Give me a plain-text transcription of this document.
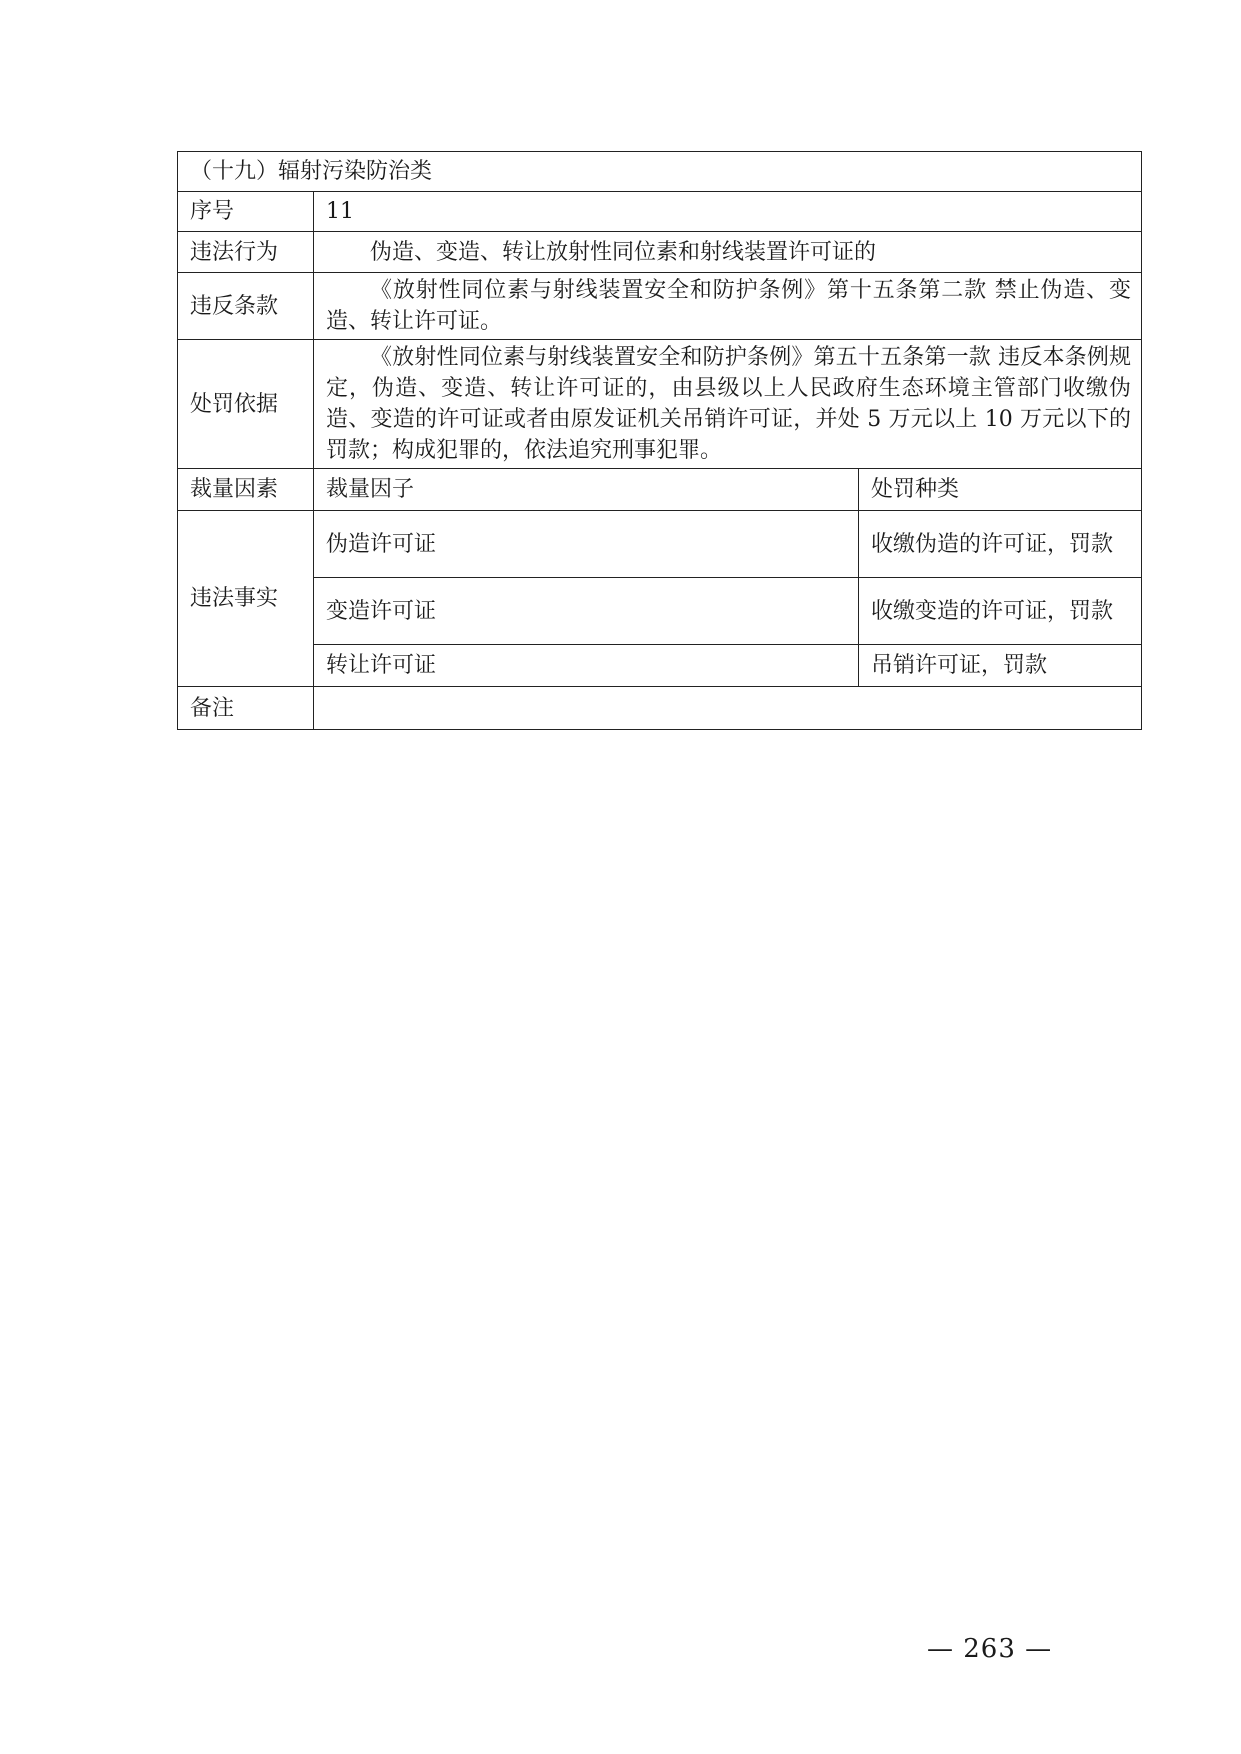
（十九）辐射污染防治类		
序号	11	
违法行为	伪造、变造、转让放射性同位素和射线装置许可证的	
违反条款	《放射性同位素与射线装置安全和防护条例》第十五条第二款 禁止伪造、变造、转让许可证。	
处罚依据	《放射性同位素与射线装置安全和防护条例》第五十五条第一款 违反本条例规定，伪造、变造、转让许可证的，由县级以上人民政府生态环境主管部门收缴伪造、变造的许可证或者由原发证机关吊销许可证，并处 5 万元以上 10 万元以下的罚款；构成犯罪的，依法追究刑事犯罪。	
裁量因素	裁量因子	处罚种类
违法事实	伪造许可证	收缴伪造的许可证，罚款
	变造许可证	收缴变造的许可证，罚款
	转让许可证	吊销许可证，罚款
备注		
— 263 —
